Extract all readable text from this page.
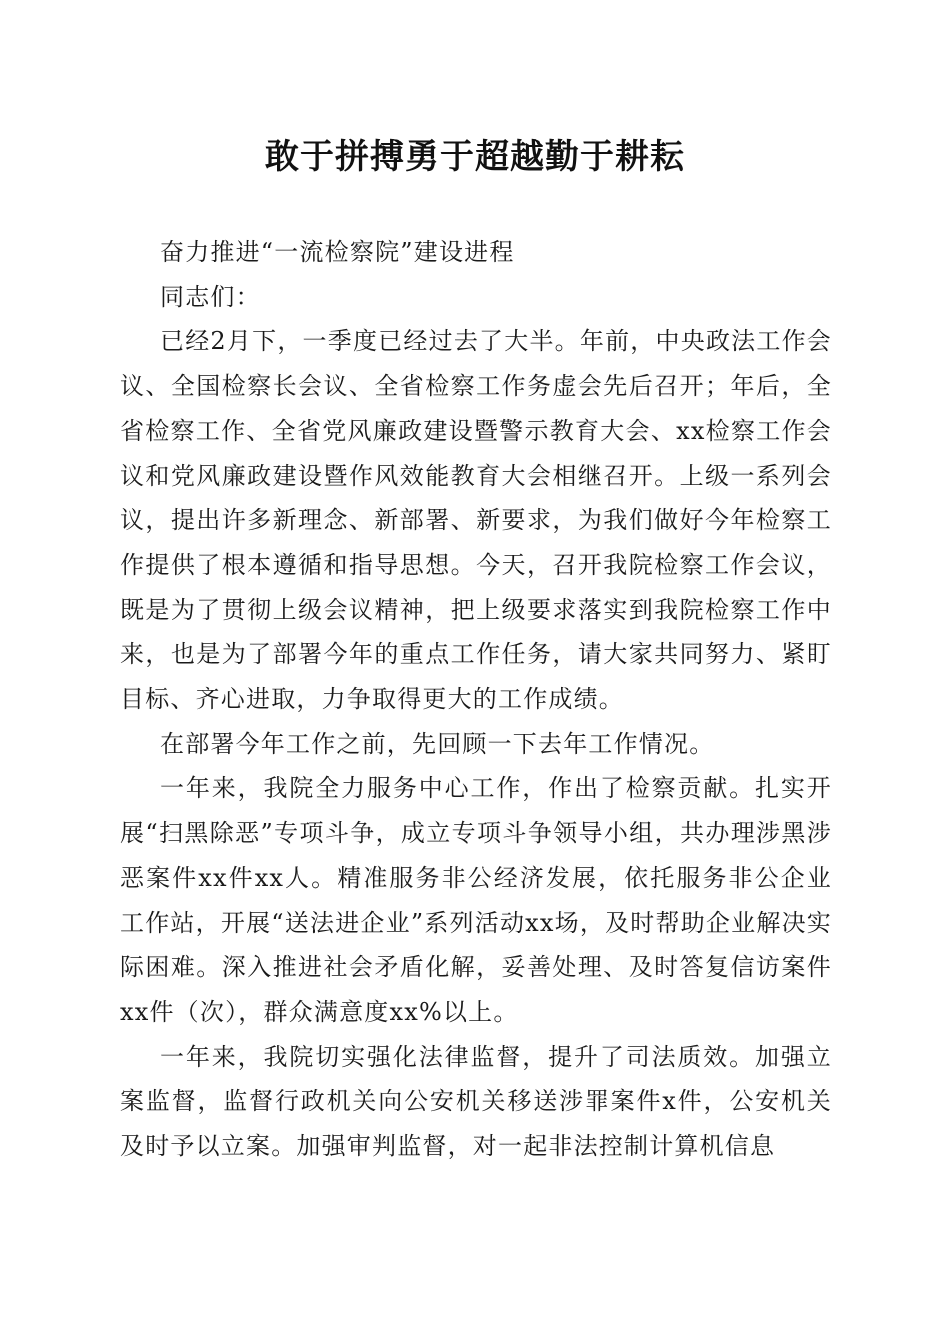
敢于拼搏勇于超越勤于耕耘

奋力推进“一流检察院”建设进程

同志们：

已经2月下，一季度已经过去了大半。年前，中央政法工作会议、全国检察长会议、全省检察工作务虚会先后召开；年后，全省检察工作、全省党风廉政建设暨警示教育大会、xx检察工作会议和党风廉政建设暨作风效能教育大会相继召开。上级一系列会议，提出许多新理念、新部署、新要求，为我们做好今年检察工作提供了根本遵循和指导思想。今天，召开我院检察工作会议，既是为了贯彻上级会议精神，把上级要求落实到我院检察工作中来，也是为了部署今年的重点工作任务，请大家共同努力、紧盯目标、齐心进取，力争取得更大的工作成绩。

在部署今年工作之前，先回顾一下去年工作情况。

一年来，我院全力服务中心工作，作出了检察贡献。扎实开展“扫黑除恶”专项斗争，成立专项斗争领导小组，共办理涉黑涉恶案件xx件xx人。精准服务非公经济发展，依托服务非公企业工作站，开展“送法进企业”系列活动xx场，及时帮助企业解决实际困难。深入推进社会矛盾化解，妥善处理、及时答复信访案件xx件（次），群众满意度xx%以上。

一年来，我院切实强化法律监督，提升了司法质效。加强立案监督，监督行政机关向公安机关移送涉罪案件x件，公安机关及时予以立案。加强审判监督，对一起非法控制计算机信息
